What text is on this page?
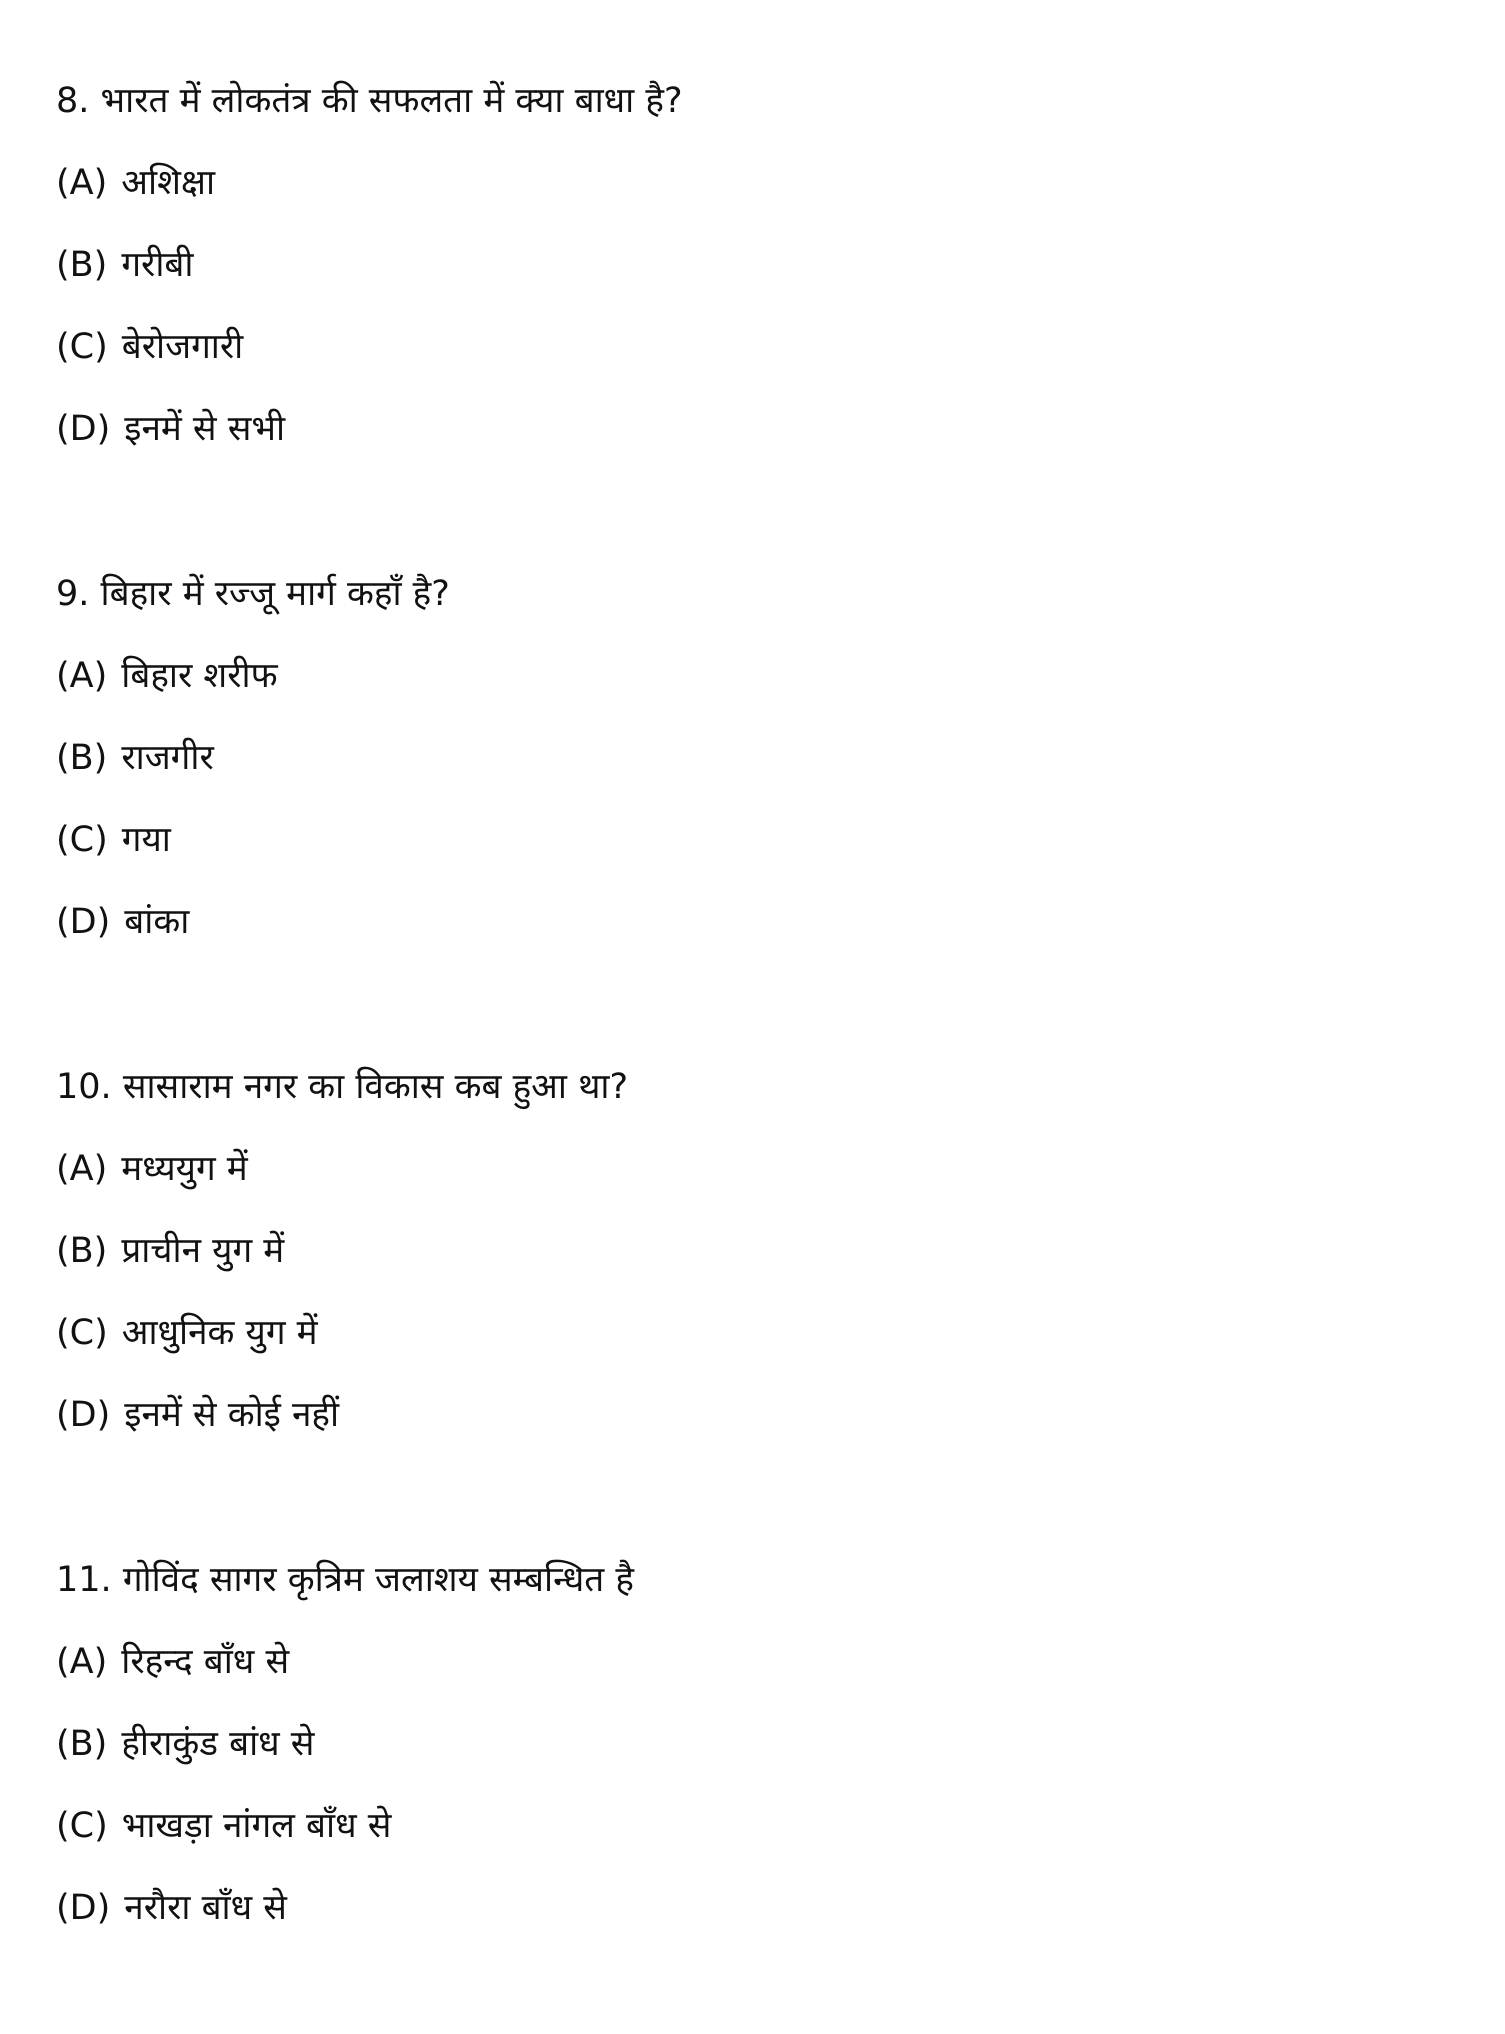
8. भारत में लोकतंत्र की सफलता में क्या बाधा है?
(A) अशिक्षा
(B) गरीबी
(C) बेरोजगारी
(D) इनमें से सभी
9. बिहार में रज्जू मार्ग कहाँ है?
(A) बिहार शरीफ
(B) राजगीर
(C) गया
(D) बांका
10. सासाराम नगर का विकास कब हुआ था?
(A) मध्ययुग में
(B) प्राचीन युग में
(C) आधुनिक युग में
(D) इनमें से कोई नहीं
11. गोविंद सागर कृत्रिम जलाशय सम्बन्धित है
(A) रिहन्द बाँध से
(B) हीराकुंड बांध से
(C) भाखड़ा नांगल बाँध से
(D) नरौरा बाँध से
